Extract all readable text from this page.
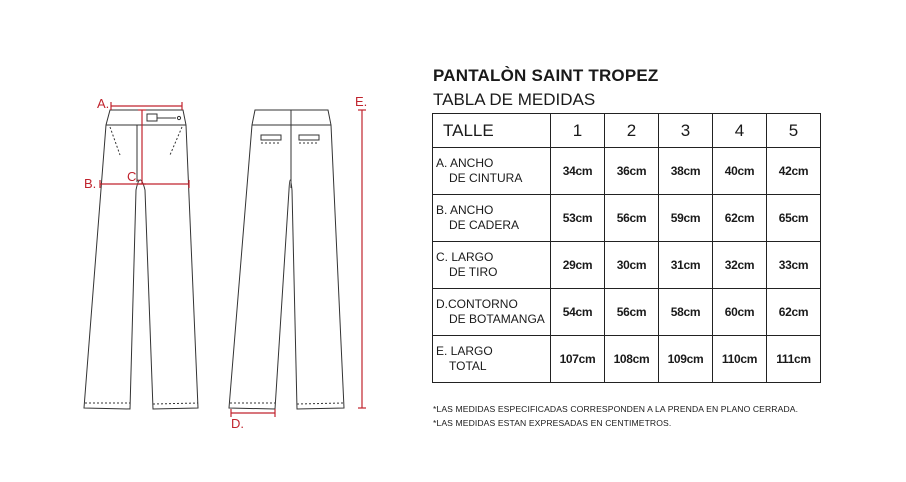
A.
B. C.
D.
E.
PANTALÒN SAINT TROPEZ
TABLA DE MEDIDAS
TALLE	1	2	3	4	5
A. ANCHO
DE CINTURA	34cm	36cm	38cm	40cm	42cm
B. ANCHO
DE CADERA	53cm	56cm	59cm	62cm	65cm
C. LARGO
DE TIRO	29cm	30cm	31cm	32cm	33cm
D.CONTORNO
DE BOTAMANGA	54cm	56cm	58cm	60cm	62cm
E. LARGO
TOTAL	107cm	108cm	109cm	110cm	111cm
*LAS MEDIDAS ESPECIFICADAS CORRESPONDEN A LA PRENDA EN PLANO CERRADA.
*LAS MEDIDAS ESTAN EXPRESADAS EN CENTIMETROS.
